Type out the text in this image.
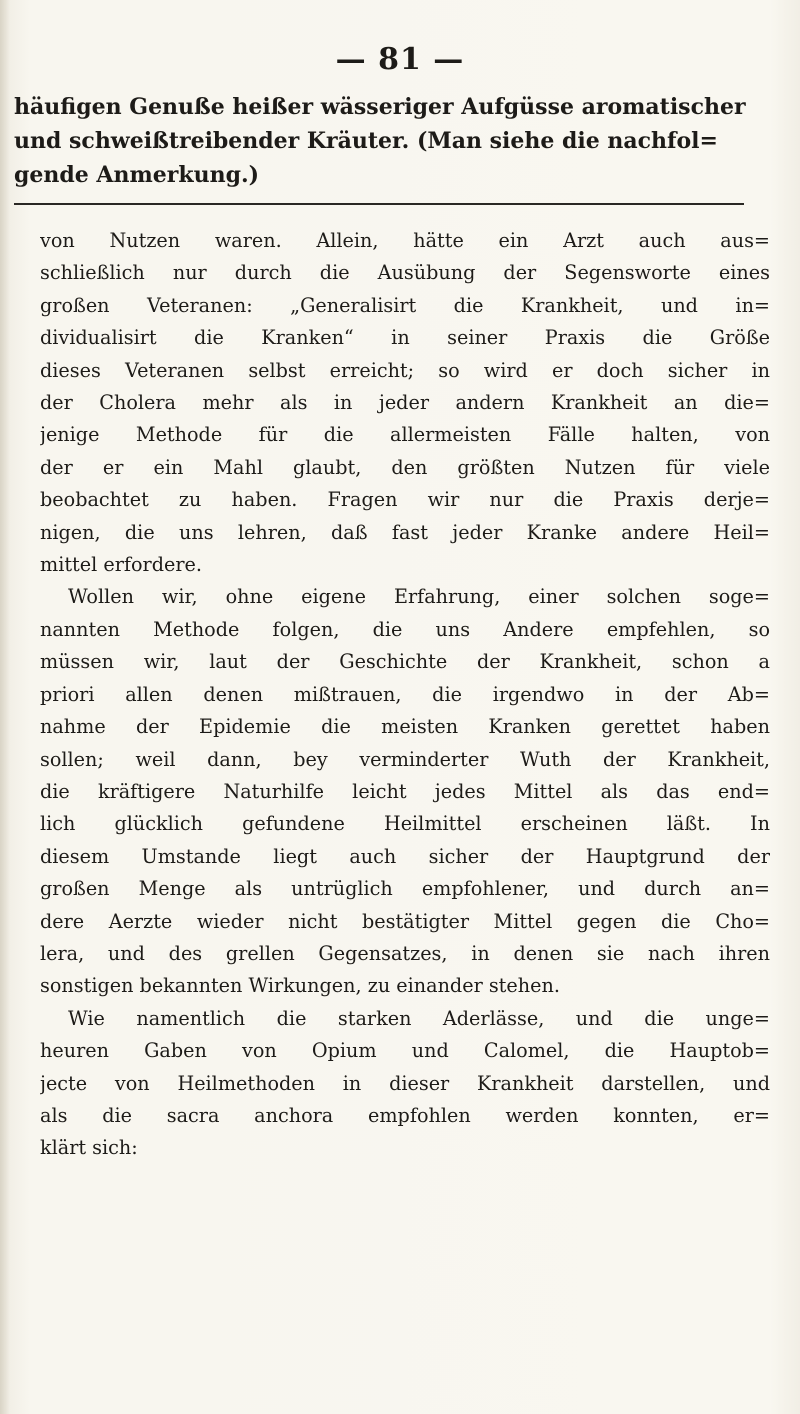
— 81 —
häufigen Genuße heißer wässeriger Aufgüsse aromatischer
und schweißtreibender Kräuter. (Man siehe die nachfol=
gende Anmerkung.)
von Nutzen waren. Allein, hätte ein Arzt auch aus=
schließlich nur durch die Ausübung der Segensworte eines
großen Veteranen: „Generalisirt die Krankheit, und in=
dividualisirt die Kranken“ in seiner Praxis die Größe
dieses Veteranen selbst erreicht; so wird er doch sicher in
der Cholera mehr als in jeder andern Krankheit an die=
jenige Methode für die allermeisten Fälle halten, von
der er ein Mahl glaubt, den größten Nutzen für viele
beobachtet zu haben. Fragen wir nur die Praxis derje=
nigen, die uns lehren, daß fast jeder Kranke andere Heil=
mittel erfordere.
Wollen wir, ohne eigene Erfahrung, einer solchen soge=
nannten Methode folgen, die uns Andere empfehlen, so
müssen wir, laut der Geschichte der Krankheit, schon a
priori allen denen mißtrauen, die irgendwo in der Ab=
nahme der Epidemie die meisten Kranken gerettet haben
sollen; weil dann, bey verminderter Wuth der Krankheit,
die kräftigere Naturhilfe leicht jedes Mittel als das end=
lich glücklich gefundene Heilmittel erscheinen läßt. In
diesem Umstande liegt auch sicher der Hauptgrund der
großen Menge als untrüglich empfohlener, und durch an=
dere Aerzte wieder nicht bestätigter Mittel gegen die Cho=
lera, und des grellen Gegensatzes, in denen sie nach ihren
sonstigen bekannten Wirkungen, zu einander stehen.
Wie namentlich die starken Aderlässe, und die unge=
heuren Gaben von Opium und Calomel, die Hauptob=
jecte von Heilmethoden in dieser Krankheit darstellen, und
als die sacra anchora empfohlen werden konnten, er=
klärt sich:
